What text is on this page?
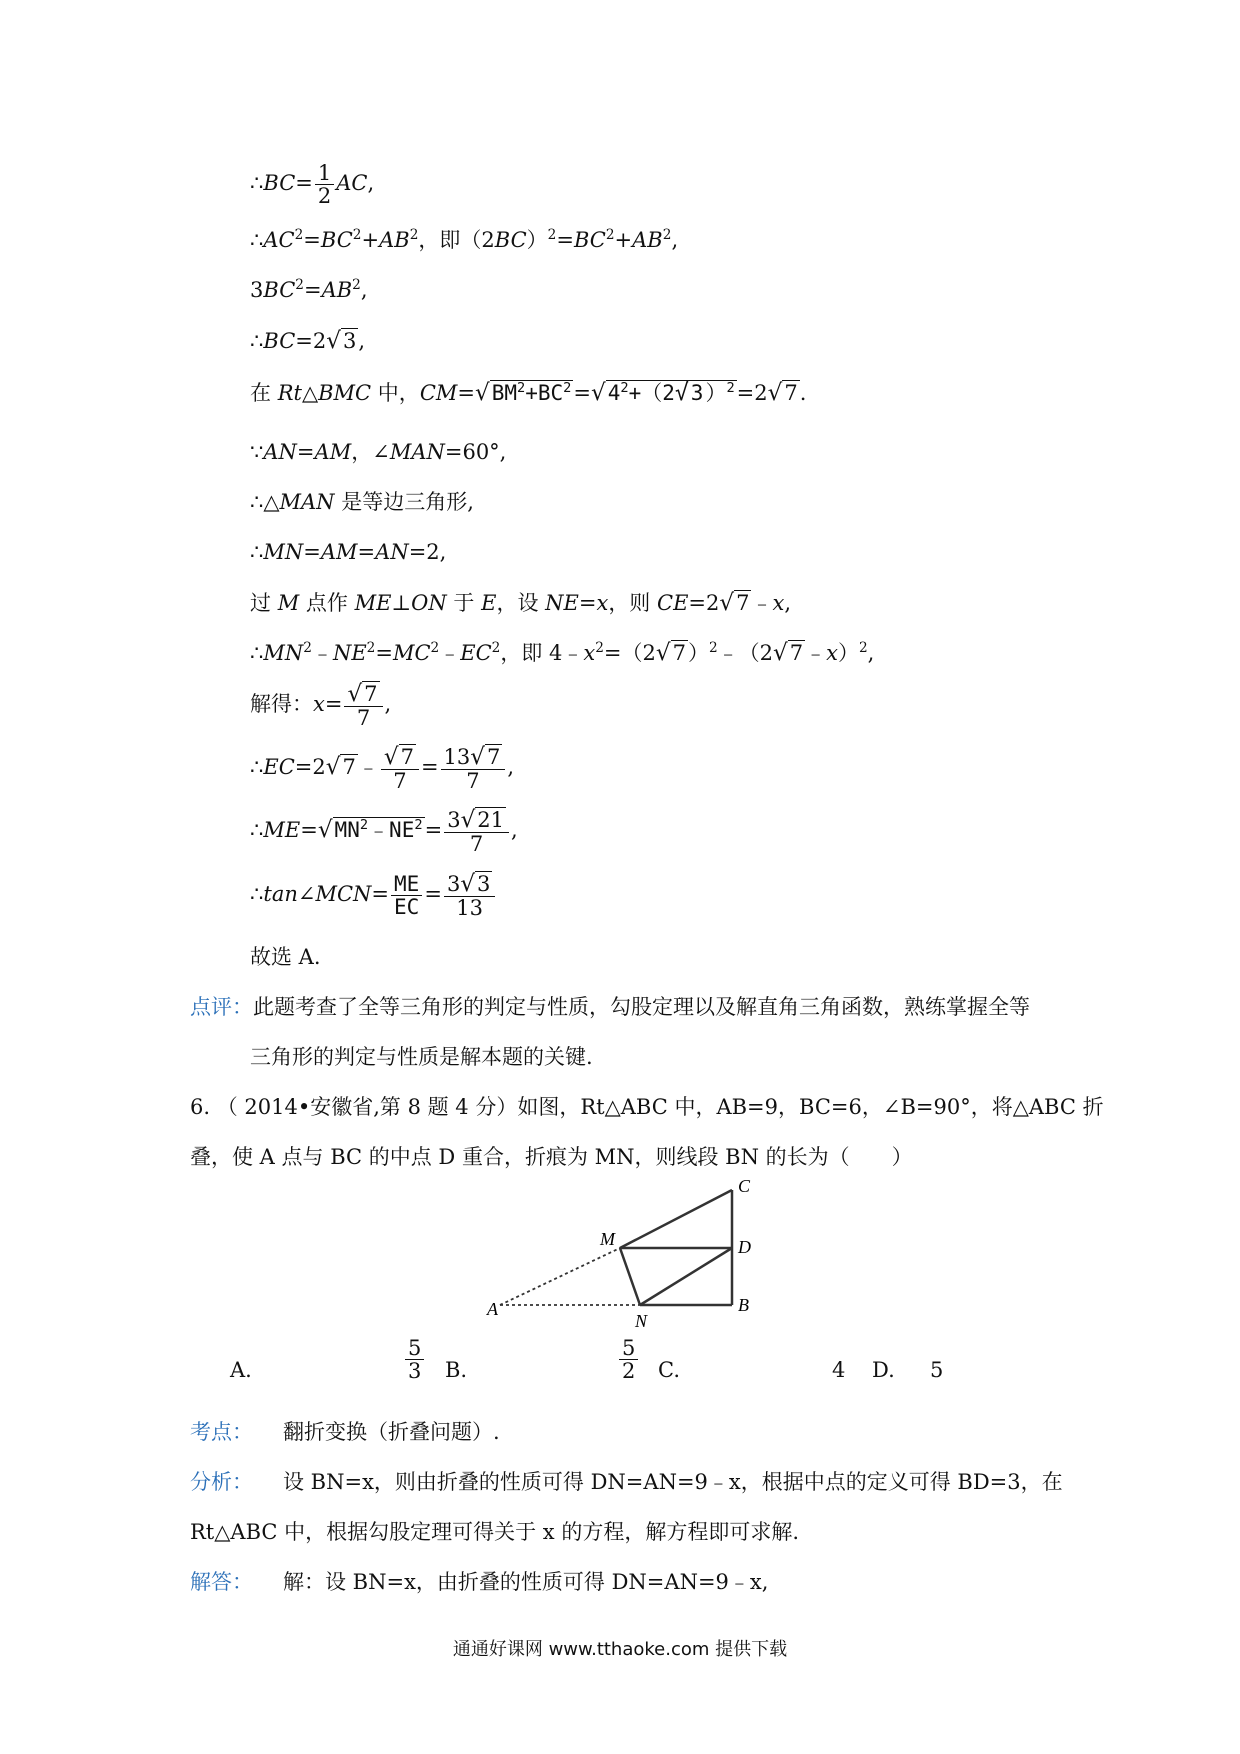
∴BC= $\frac{1}{2}$ AC,
$\therefore AC^2=BC^2+AB^2$，即$(2BC)^2=BC^2+AB^2$,
$3BC^2=AB^2$,
∴BC=2√3,
在 Rt△BMC 中，$CM=√BM^2+BC^2=√4^2+(2√3)^2=2√7$.
∵AN=AM，∠MAN=60°,
∴△MAN 是等边三角形,
∴MN=AM=AN=2,
过 M 点作 ME⊥ON 于 E，设 NE=x，则 CE=2√7﹣x,
$\therefore MN^2﹣NE^2=MC^2﹣EC^2$，即 $4﹣x^2=(2√7)^2﹣(2√7﹣x)^2$,
解得：$x= \frac{√7}{7}$ ,
∴EC=2√7﹣ $\frac{√7}{7} = \frac{13√7}{7}$ ,
$\therefore ME=√MN^2﹣NE^2= \frac{3√21}{7}$ ,
∴tan∠MCN= $\frac{ME}{EC} = \frac{3√3}{13}$
故选 A.
点评：此题考查了全等三角形的判定与性质，勾股定理以及解直角三角函数，熟练掌握全等
三角形的判定与性质是解本题的关键.
6. （ 2014•安徽省,第 8 题 4 分）如图，Rt△ABC 中，AB=9，BC=6，∠B=90°，将△ABC 折
叠，使 A 点与 BC 的中点 D 重合，折痕为 MN，则线段 BN 的长为（　　）
C
D
B
M
N
A
A.	$\frac{5}{3} B$.	$\frac{5}{2} C$.	4 D. 5
考点： 翻折变换（折叠问题）.
分析： 设 BN=x，则由折叠的性质可得 DN=AN=9﹣x，根据中点的定义可得 BD=3，在
Rt△ABC 中，根据勾股定理可得关于 x 的方程，解方程即可求解.
解答： 解：设 BN=x，由折叠的性质可得 DN=AN=9﹣x,
通通好课网 www.tthaoke.com 提供下载
